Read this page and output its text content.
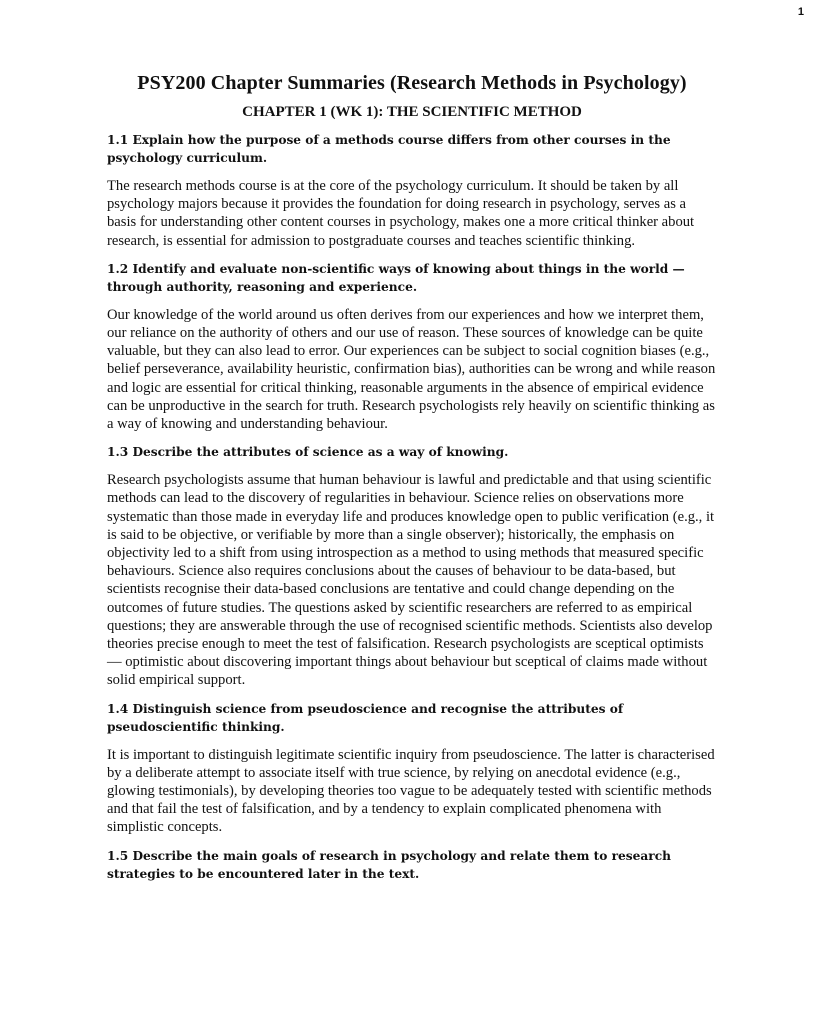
1
PSY200 Chapter Summaries (Research Methods in Psychology)
CHAPTER 1 (WK 1): THE SCIENTIFIC METHOD
1.1 Explain how the purpose of a methods course differs from other courses in the psychology curriculum.
The research methods course is at the core of the psychology curriculum. It should be taken by all psychology majors because it provides the foundation for doing research in psychology, serves as a basis for understanding other content courses in psychology, makes one a more critical thinker about research, is essential for admission to postgraduate courses and teaches scientific thinking.
1.2 Identify and evaluate non-scientific ways of knowing about things in the world — through authority, reasoning and experience.
Our knowledge of the world around us often derives from our experiences and how we interpret them, our reliance on the authority of others and our use of reason. These sources of knowledge can be quite valuable, but they can also lead to error. Our experiences can be subject to social cognition biases (e.g., belief perseverance, availability heuristic, confirmation bias), authorities can be wrong and while reason and logic are essential for critical thinking, reasonable arguments in the absence of empirical evidence can be unproductive in the search for truth. Research psychologists rely heavily on scientific thinking as a way of knowing and understanding behaviour.
1.3 Describe the attributes of science as a way of knowing.
Research psychologists assume that human behaviour is lawful and predictable and that using scientific methods can lead to the discovery of regularities in behaviour. Science relies on observations more systematic than those made in everyday life and produces knowledge open to public verification (e.g., it is said to be objective, or verifiable by more than a single observer); historically, the emphasis on objectivity led to a shift from using introspection as a method to using methods that measured specific behaviours. Science also requires conclusions about the causes of behaviour to be data-based, but scientists recognise their data-based conclusions are tentative and could change depending on the outcomes of future studies. The questions asked by scientific researchers are referred to as empirical questions; they are answerable through the use of recognised scientific methods. Scientists also develop theories precise enough to meet the test of falsification. Research psychologists are sceptical optimists — optimistic about discovering important things about behaviour but sceptical of claims made without solid empirical support.
1.4 Distinguish science from pseudoscience and recognise the attributes of pseudoscientific thinking.
It is important to distinguish legitimate scientific inquiry from pseudoscience. The latter is characterised by a deliberate attempt to associate itself with true science, by relying on anecdotal evidence (e.g., glowing testimonials), by developing theories too vague to be adequately tested with scientific methods and that fail the test of falsification, and by a tendency to explain complicated phenomena with simplistic concepts.
1.5 Describe the main goals of research in psychology and relate them to research strategies to be encountered later in the text.
